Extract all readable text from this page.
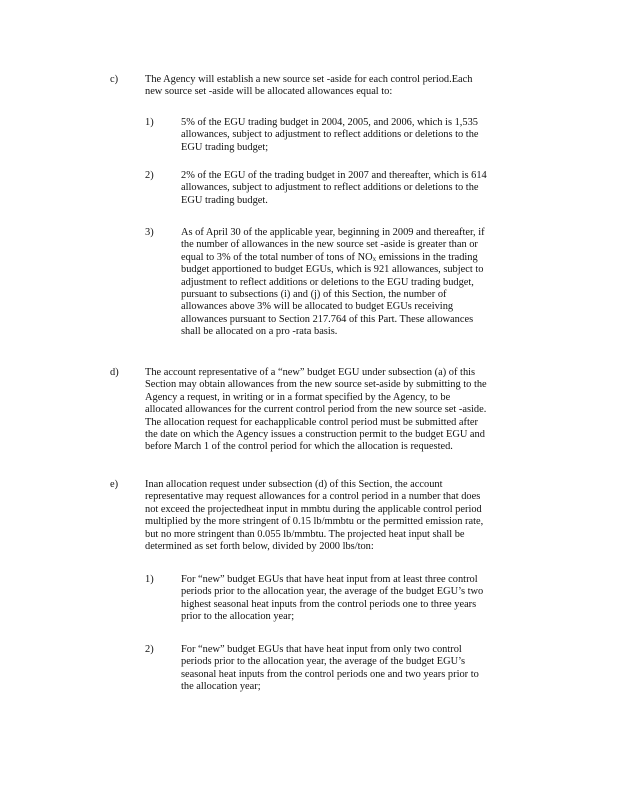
c)	The Agency will establish a new source set -aside for each control period.Each
new source set -aside will be allocated allowances equal to:
1)	5% of the EGU trading budget in 2004, 2005, and 2006, which is 1,535
allowances, subject to adjustment to reflect additions or deletions to the
EGU trading budget;
2)	2% of the EGU of the trading budget in 2007 and thereafter, which is 614
allowances, subject to adjustment to reflect additions or deletions to the
EGU trading budget.
3)	As of April 30 of the applicable year, beginning in 2009 and thereafter, if
the number of allowances in the new source set -aside is greater than or
equal to 3% of the total number of tons of $NO_x$ emissions in the trading
budget apportioned to budget EGUs, which is 921 allowances, subject to
adjustment to reflect additions or deletions to the EGU trading budget,
pursuant to subsections (i) and (j) of this Section, the number of
allowances above 3% will be allocated to budget EGUs receiving
allowances pursuant to Section 217.764 of this Part. These allowances
shall be allocated on a pro -rata basis.
d)	The account representative of a “new” budget EGU under subsection (a) of this
Section may obtain allowances from the new source set-aside by submitting to the
Agency a request, in writing or in a format specified by the Agency, to be
allocated allowances for the current control period from the new source set -aside.
The allocation request for eachapplicable control period must be submitted after
the date on which the Agency issues a construction permit to the budget EGU and
before March 1 of the control period for which the allocation is requested.
e)	Inan allocation request under subsection (d) of this Section, the account
representative may request allowances for a control period in a number that does
not exceed the projectedheat input in mmbtu during the applicable control period
multiplied by the more stringent of 0.15 lb/mmbtu or the permitted emission rate,
but no more stringent than 0.055 lb/mmbtu. The projected heat input shall be
determined as set forth below, divided by 2000 lbs/ton:
1)	For “new” budget EGUs that have heat input from at least three control
periods prior to the allocation year, the average of the budget EGU’s two
highest seasonal heat inputs from the control periods one to three years
prior to the allocation year;
2)	For “new” budget EGUs that have heat input from only two control
periods prior to the allocation year, the average of the budget EGU’s
seasonal heat inputs from the control periods one and two years prior to
the allocation year;
